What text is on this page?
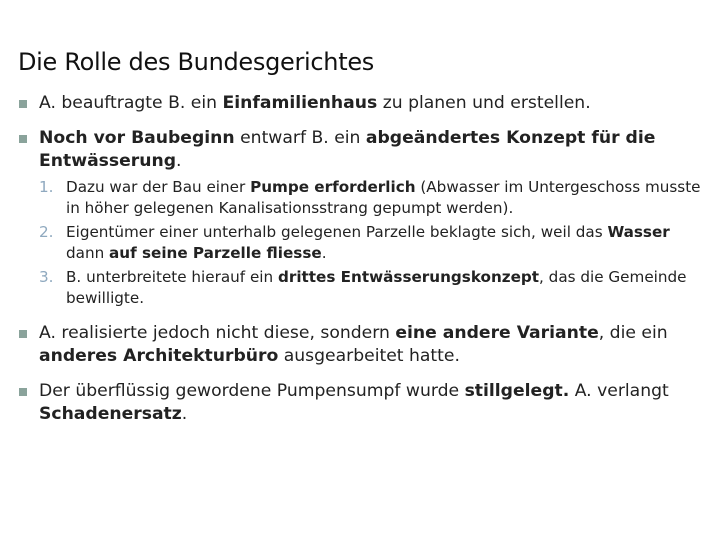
Die Rolle des Bundesgerichtes
A. beauftragte B. ein Einfamilienhaus zu planen und erstellen.
Noch vor Baubeginn entwarf B. ein abgeändertes Konzept für die Entwässerung.
1. Dazu war der Bau einer Pumpe erforderlich (Abwasser im Untergeschoss musste in höher gelegenen Kanalisationsstrang gepumpt werden).
2. Eigentümer einer unterhalb gelegenen Parzelle beklagte sich, weil das Wasser dann auf seine Parzelle fliesse.
3. B. unterbreitete hierauf ein drittes Entwässerungskonzept, das die Gemeinde bewilligte.
A. realisierte jedoch nicht diese, sondern eine andere Variante, die ein anderes Architekturbüro ausgearbeitet hatte.
Der überflüssig gewordene Pumpensumpf wurde stillgelegt. A. verlangt Schadenersatz.
